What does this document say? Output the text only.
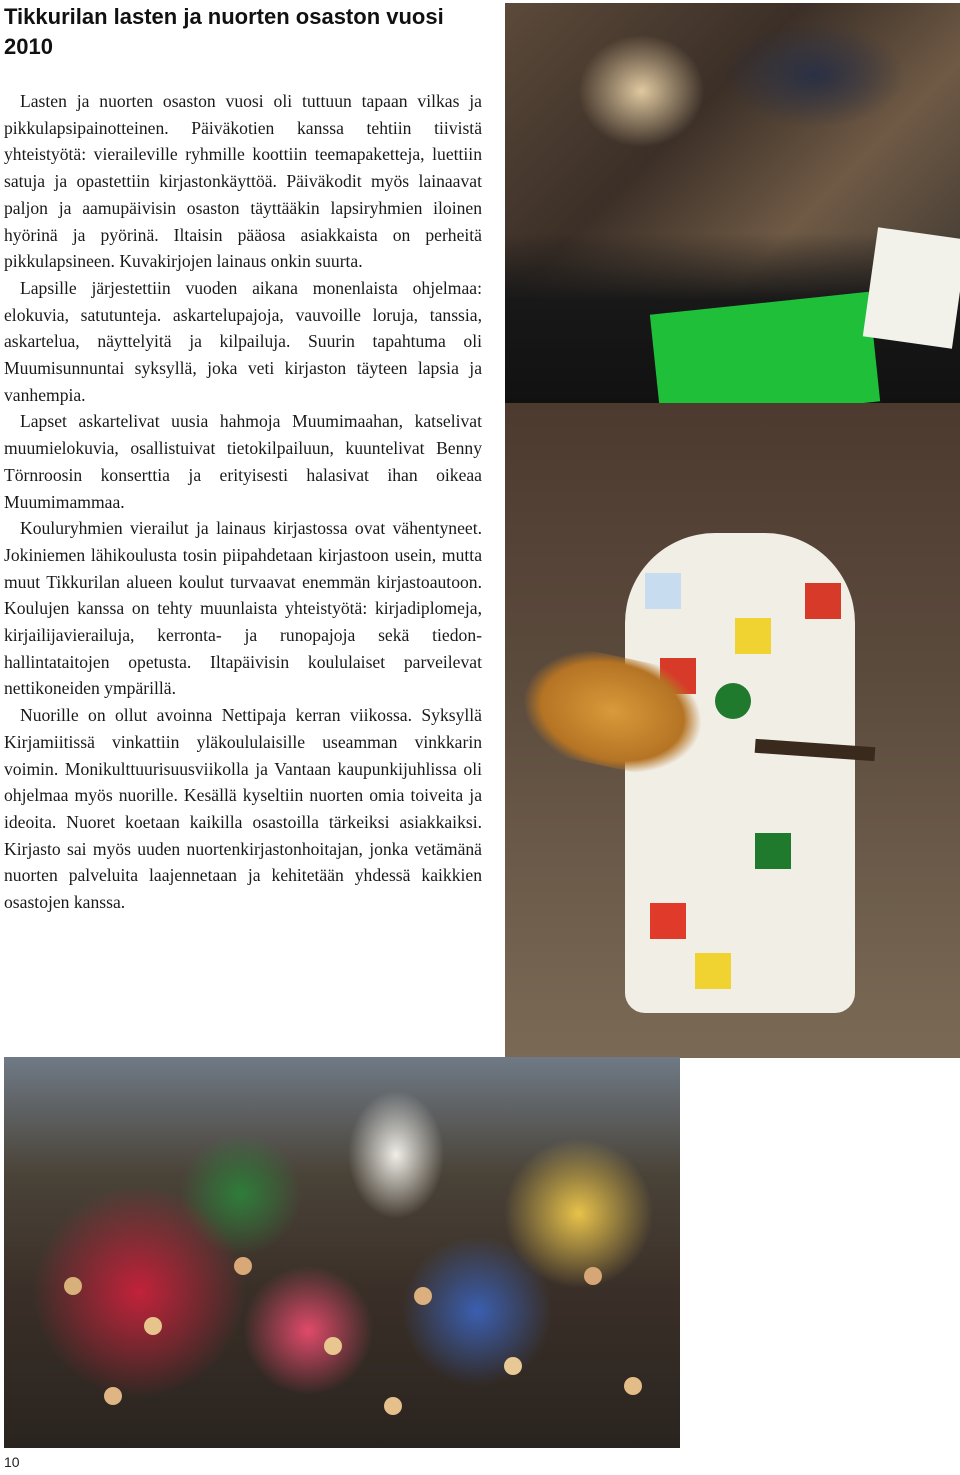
Tikkurilan lasten ja nuorten osaston vuosi 2010

Lasten ja nuorten osaston vuosi oli tuttuun tapaan vilkas ja pikkulapsipainotteinen. Päiväkotien kanssa tehtiin tiivistä yhteistyötä: vieraileville ryhmille koottiin teemapaketteja, luettiin satuja ja opastettiin kirjastonkäyttöä. Päiväkodit myös lainaavat paljon ja aamupäivisin osaston täyttääkin lapsiryhmien iloinen hyörinä ja pyörinä. Iltaisin pääosa asiakkaista on perheitä pikkulapsineen. Kuvakirjojen lainaus onkin suurta.

Lapsille järjestettiin vuoden aikana monenlaista ohjelmaa: elokuvia, satutunteja. askartelupajoja, vauvoille loruja, tanssia, askartelua, näyttelyitä ja kilpailuja. Suurin tapahtuma oli Muumisunnuntai syksyllä, joka veti kirjaston täyteen lapsia ja vanhempia.

Lapset askartelivat uusia hahmoja Muumimaahan, katselivat muumielokuvia, osallistuivat tietokilpailuun, kuuntelivat Benny Törnroosin konserttia ja erityisesti halasivat ihan oikeaa Muumimammaa.

Kouluryhmien vierailut ja lainaus kirjastossa ovat vähentyneet. Jokiniemen lähikoulusta tosin piipahdetaan kirjastoon usein, mutta muut Tikkurilan alueen koulut turvaavat enemmän kirjastoautoon. Koulujen kanssa on tehty muunlaista yhteistyötä: kirjadiplomeja, kirjailijavierailuja, kerronta- ja runopajoja sekä tiedonhallintataitojen opetusta. Iltapäivisin koululaiset parveilevat nettikoneiden ympärillä.

Nuorille on ollut avoinna Nettipaja kerran viikossa. Syksyllä Kirjamiitissä vinkattiin yläkoululaisille useamman vinkkarin voimin. Monikulttuurisuusviikolla ja Vantaan kaupunkijuhlissa oli ohjelmaa myös nuorille. Kesällä kyseltiin nuorten omia toiveita ja ideoita. Nuoret koetaan kaikilla osastoilla tärkeiksi asiakkaiksi. Kirjasto sai myös uuden nuortenkirjastonhoitajan, jonka vetämänä nuorten palveluita laajennetaan ja kehitetään yhdessä kaikkien osastojen kanssa.

10
